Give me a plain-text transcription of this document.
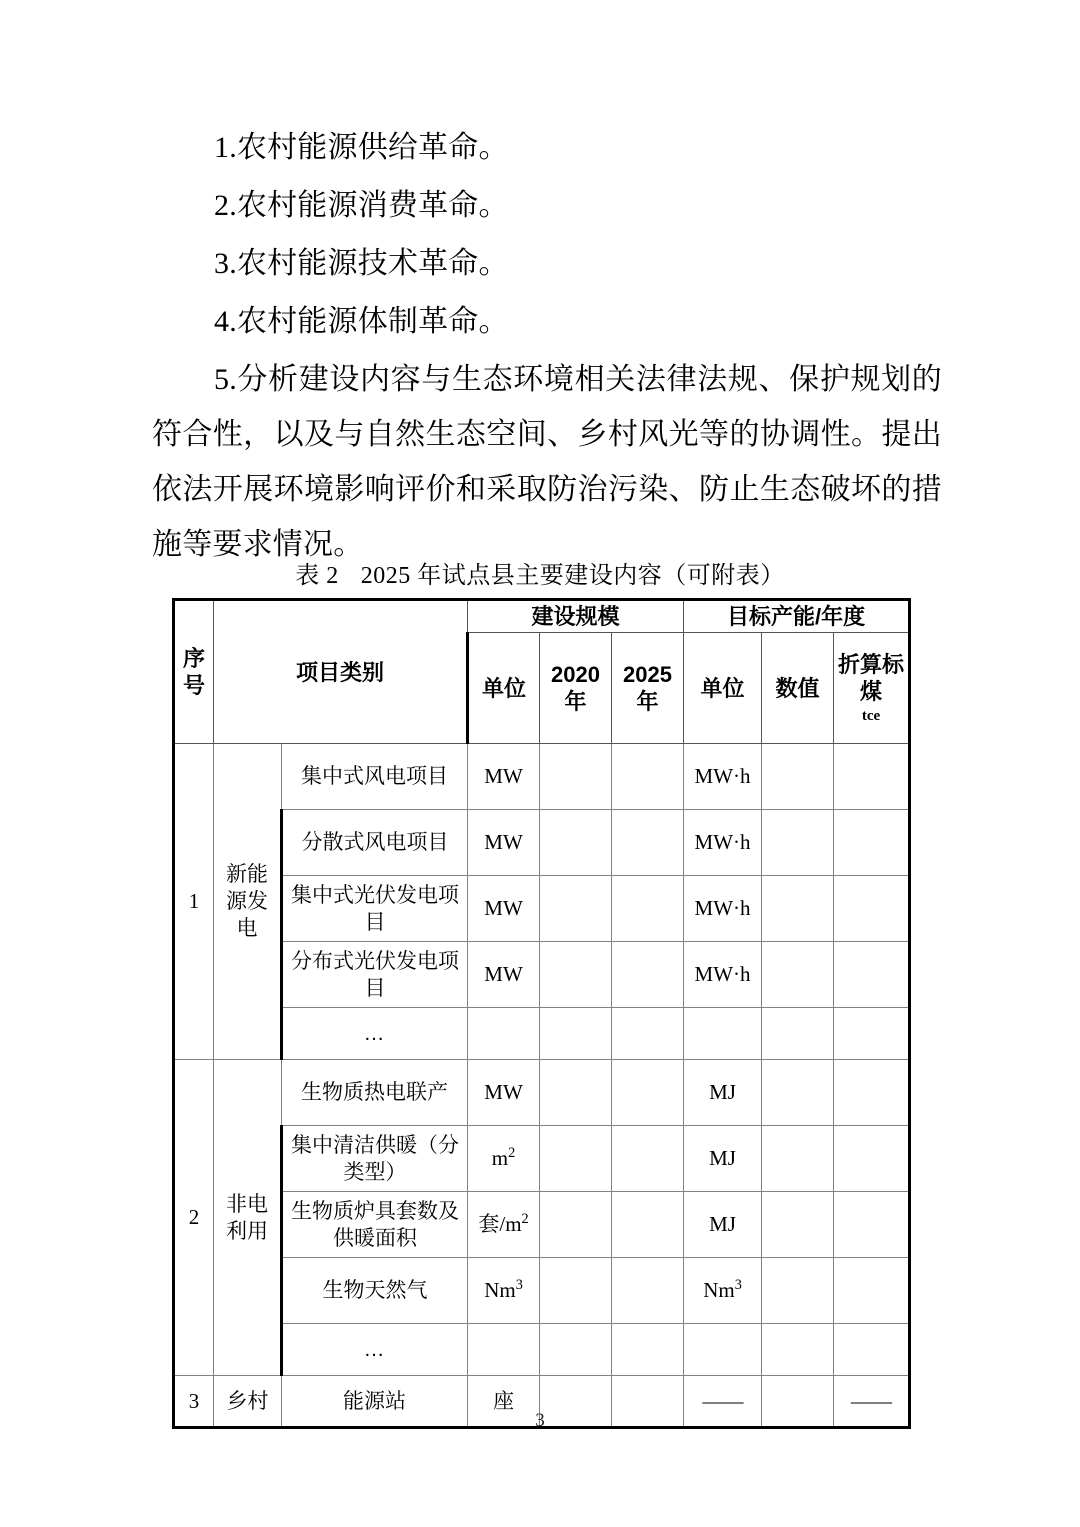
1.农村能源供给革命。

2.农村能源消费革命。

3.农村能源技术革命。

4.农村能源体制革命。

5.分析建设内容与生态环境相关法律法规、保护规划的符合性，以及与自然生态空间、乡村风光等的协调性。提出依法开展环境影响评价和采取防治污染、防止生态破坏的措施等要求情况。

表 2 2025 年试点县主要建设内容（可附表）
序号	项目类别		建设规模			目标产能/年度		
			单位	2020年	2025年	单位	数值	折算标煤
tce

1	新能源发电	集中式风电项目	MW			MW·h		
		分散式风电项目	MW			MW·h		
		集中式光伏发电项目	MW			MW·h		
		分布式光伏发电项目	MW			MW·h		
		…						
2	非电利用	生物质热电联产	MW			MJ		
		集中清洁供暖（分类型）	$m^2$			MJ		
		生物质炉具套数及供暖面积	套$/m^2$			MJ		
		生物天然气	Nm$^3$			Nm$^3$		
		…						
3	乡村	能源站	座			——		——
3
